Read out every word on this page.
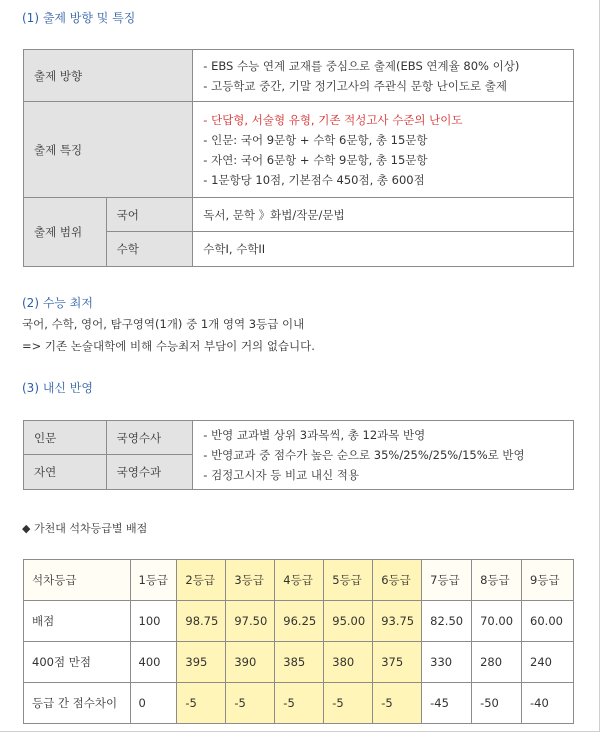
(1) 출제 방향 및 특징
출제 방향		- EBS 수능 연계 교재를 중심으로 출제(EBS 연계율 80% 이상)
- 고등학교 중간, 기말 정기고사의 주관식 문항 난이도로 출제

출제 특징		- 단답형, 서술형 유형, 기존 적성고사 수준의 난이도
- 인문: 국어 9문항 + 수학 6문항, 총 15문항
- 자연: 국어 6문항 + 수학 9문항, 총 15문항
- 1문항당 10점, 기본점수 450점, 총 600점

출제 범위	국어	독서, 문학 》화법/작문/문법
	수학	수학I, 수학II
(2) 수능 최저
국어, 수학, 영어, 탐구영역(1개) 중 1개 영역 3등급 이내
=> 기존 논술대학에 비해 수능최저 부담이 거의 없습니다.
(3) 내신 반영
인문	국영수사	- 반영 교과별 상위 3과목씩, 총 12과목 반영
- 반영교과 중 점수가 높은 순으로 35%/25%/25%/15%로 반영
- 검정고시자 등 비교 내신 적용

자연	국영수과	
◆ 가천대 석차등급별 배점
석차등급	1등급	2등급	3등급	4등급	5등급	6등급	7등급	8등급	9등급
배점	100	98.75	97.50	96.25	95.00	93.75	82.50	70.00	60.00
400점 만점	400	395	390	385	380	375	330	280	240
등급 간 점수차이	0	-5	-5	-5	-5	-5	-45	-50	-40
